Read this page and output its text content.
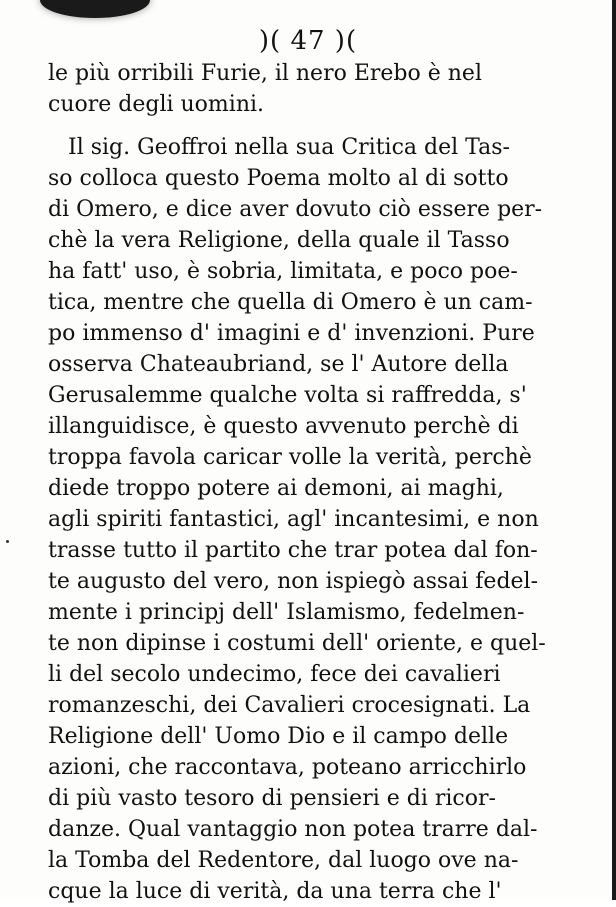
)( 47 )(
le più orribili Furie, il nero Erebo è nel
cuore degli uomini.
Il sig. Geoffroi nella sua Critica del Tas-
so colloca questo Poema molto al di sotto
di Omero, e dice aver dovuto ciò essere per-
chè la vera Religione, della quale il Tasso
ha fatt' uso, è sobria, limitata, e poco poe-
tica, mentre che quella di Omero è un cam-
po immenso d' imagini e d' invenzioni. Pure
osserva Chateaubriand, se l' Autore della
Gerusalemme qualche volta si raffredda, s'
illanguidisce, è questo avvenuto perchè di
troppa favola caricar volle la verità, perchè
diede troppo potere ai demoni, ai maghi,
agli spiriti fantastici, agl' incantesimi, e non
trasse tutto il partito che trar potea dal fon-
te augusto del vero, non ispiegò assai fedel-
mente i principj dell' Islamismo, fedelmen-
te non dipinse i costumi dell' oriente, e quel-
li del secolo undecimo, fece dei cavalieri
romanzeschi, dei Cavalieri crocesignati. La
Religione dell' Uomo Dio e il campo delle
azioni, che raccontava, poteano arricchirlo
di più vasto tesoro di pensieri e di ricor-
danze. Qual vantaggio non potea trarre dal-
la Tomba del Redentore, dal luogo ove na-
cque la luce di verità, da una terra che l'
